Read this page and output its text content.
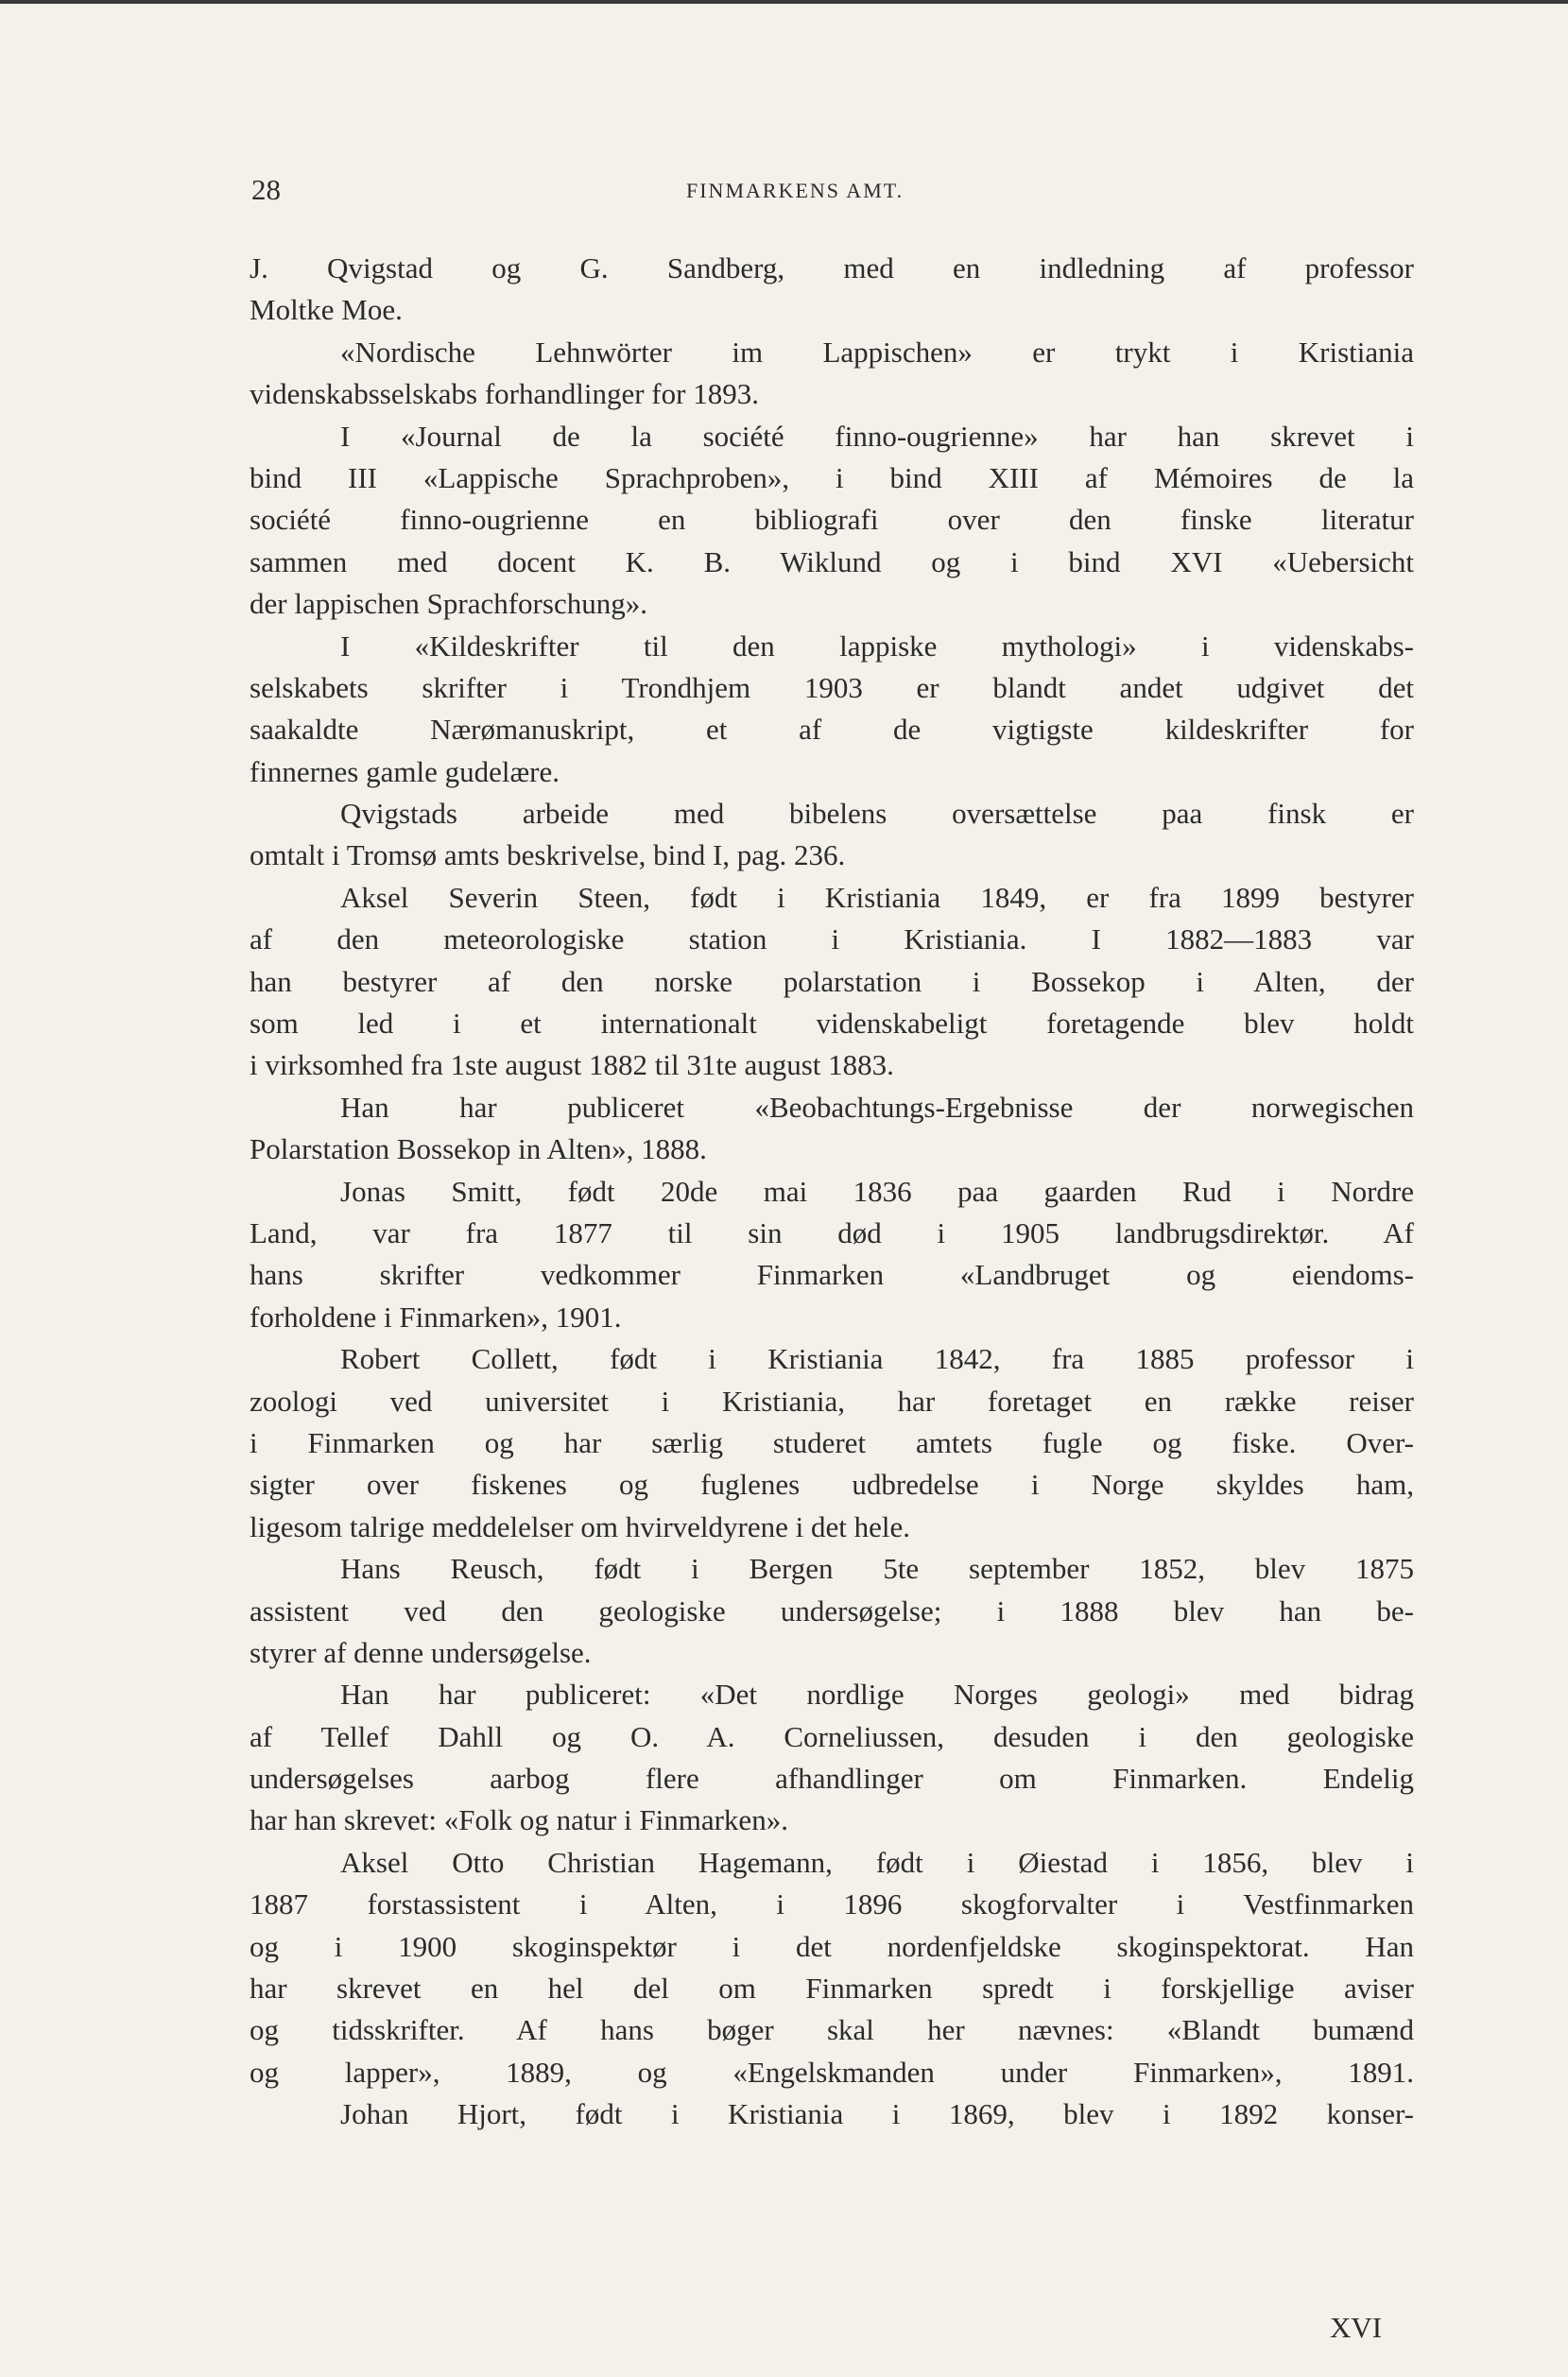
28	FINMARKENS AMT.
J. Qvigstad og G. Sandberg, med en indledning af professor
Moltke Moe.
«Nordische Lehnwörter im Lappischen» er trykt i Kristiania
videnskabsselskabs forhandlinger for 1893.
I «Journal de la société finno-ougrienne» har han skrevet i
bind III «Lappische Sprachproben», i bind XIII af Mémoires de la
société finno-ougrienne en bibliografi over den finske literatur
sammen med docent K. B. Wiklund og i bind XVI «Uebersicht
der lappischen Sprachforschung».
I «Kildeskrifter til den lappiske mythologi» i videnskabs-
selskabets skrifter i Trondhjem 1903 er blandt andet udgivet det
saakaldte Nærømanuskript, et af de vigtigste kildeskrifter for
finnernes gamle gudelære.
Qvigstads arbeide med bibelens oversættelse paa finsk er
omtalt i Tromsø amts beskrivelse, bind I, pag. 236.
Aksel Severin Steen, født i Kristiania 1849, er fra 1899 bestyrer
af den meteorologiske station i Kristiania. I 1882—1883 var
han bestyrer af den norske polarstation i Bossekop i Alten, der
som led i et internationalt videnskabeligt foretagende blev holdt
i virksomhed fra 1ste august 1882 til 31te august 1883.
Han har publiceret «Beobachtungs-Ergebnisse der norwegischen
Polarstation Bossekop in Alten», 1888.
Jonas Smitt, født 20de mai 1836 paa gaarden Rud i Nordre
Land, var fra 1877 til sin død i 1905 landbrugsdirektør. Af
hans skrifter vedkommer Finmarken «Landbruget og eiendoms-
forholdene i Finmarken», 1901.
Robert Collett, født i Kristiania 1842, fra 1885 professor i
zoologi ved universitet i Kristiania, har foretaget en række reiser
i Finmarken og har særlig studeret amtets fugle og fiske. Over-
sigter over fiskenes og fuglenes udbredelse i Norge skyldes ham,
ligesom talrige meddelelser om hvirveldyrene i det hele.
Hans Reusch, født i Bergen 5te september 1852, blev 1875
assistent ved den geologiske undersøgelse; i 1888 blev han be-
styrer af denne undersøgelse.
Han har publiceret: «Det nordlige Norges geologi» med bidrag
af Tellef Dahll og O. A. Corneliussen, desuden i den geologiske
undersøgelses aarbog flere afhandlinger om Finmarken. Endelig
har han skrevet: «Folk og natur i Finmarken».
Aksel Otto Christian Hagemann, født i Øiestad i 1856, blev i
1887 forstassistent i Alten, i 1896 skogforvalter i Vestfinmarken
og i 1900 skoginspektør i det nordenfjeldske skoginspektorat. Han
har skrevet en hel del om Finmarken spredt i forskjellige aviser
og tidsskrifter. Af hans bøger skal her nævnes: «Blandt bumænd
og lapper», 1889, og «Engelskmanden under Finmarken», 1891.
Johan Hjort, født i Kristiania i 1869, blev i 1892 konser-
XVI
